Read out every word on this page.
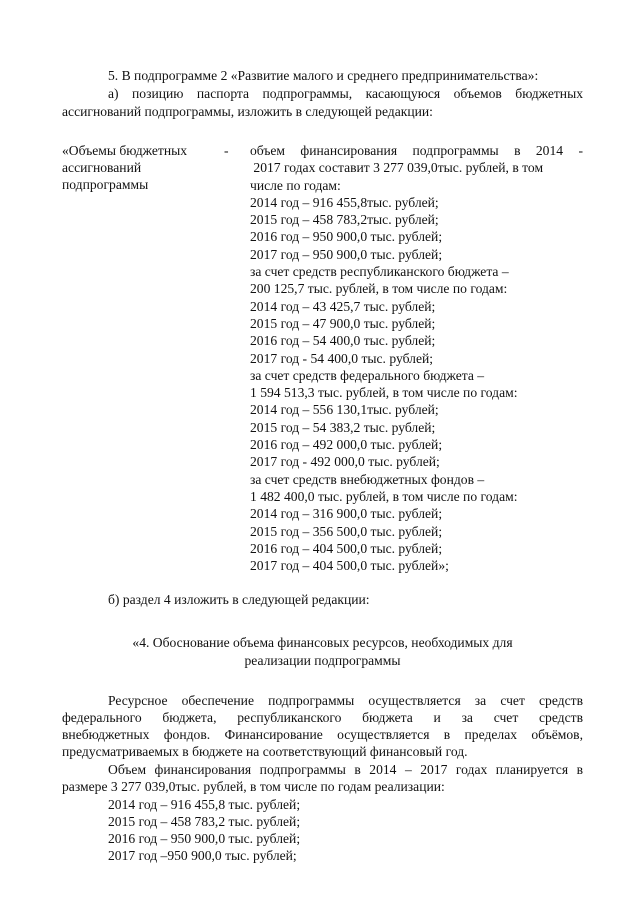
5. В подпрограмме 2 «Развитие малого и среднего предпринимательства»:
а) позицию паспорта подпрограммы, касающуюся объемов бюджетных
ассигнований подпрограммы, изложить в следующей редакции:
«Объемы бюджетных
ассигнований
подпрограммы
- объем финансирования подпрограммы в 2014 -
2017 годах составит 3 277 039,0тыс. рублей, в том
числе по годам:
2014 год – 916 455,8тыс. рублей;
2015 год – 458 783,2тыс. рублей;
2016 год – 950 900,0 тыс. рублей;
2017 год – 950 900,0 тыс. рублей;
за счет средств республиканского бюджета –
200 125,7 тыс. рублей, в том числе по годам:
2014 год – 43 425,7 тыс. рублей;
2015 год – 47 900,0 тыс. рублей;
2016 год – 54 400,0 тыс. рублей;
2017 год - 54 400,0 тыс. рублей;
за счет средств федерального бюджета –
1 594 513,3 тыс. рублей, в том числе по годам:
2014 год – 556 130,1тыс. рублей;
2015 год – 54 383,2 тыс. рублей;
2016 год – 492 000,0 тыс. рублей;
2017 год - 492 000,0 тыс. рублей;
за счет средств внебюджетных фондов –
1 482 400,0 тыс. рублей, в том числе по годам:
2014 год – 316 900,0 тыс. рублей;
2015 год – 356 500,0 тыс. рублей;
2016 год – 404 500,0 тыс. рублей;
2017 год – 404 500,0 тыс. рублей»;
б) раздел 4 изложить в следующей редакции:
«4. Обоснование объема финансовых ресурсов, необходимых для
реализации подпрограммы
Ресурсное обеспечение подпрограммы осуществляется за счет средств
федерального бюджета, республиканского бюджета и за счет средств
внебюджетных фондов. Финансирование осуществляется в пределах объёмов,
предусматриваемых в бюджете на соответствующий финансовый год.
Объем финансирования подпрограммы в 2014 – 2017 годах планируется в
размере 3 277 039,0тыс. рублей, в том числе по годам реализации:
2014 год – 916 455,8 тыс. рублей;
2015 год – 458 783,2 тыс. рублей;
2016 год – 950 900,0 тыс. рублей;
2017 год –950 900,0 тыс. рублей;
